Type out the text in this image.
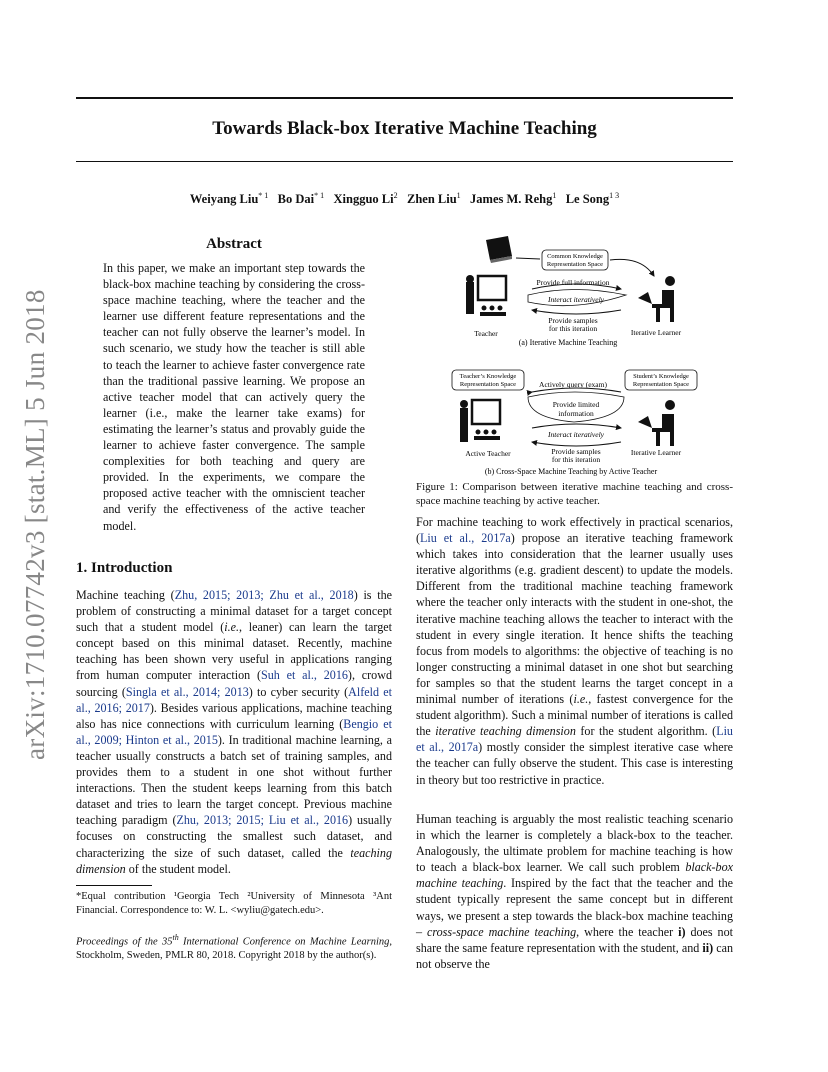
Towards Black-box Iterative Machine Teaching
Weiyang Liu$^{* 1}$ Bo Dai$^{* 1}$ Xingguo Li$^2$ Zhen Liu$^1$ James M. Rehg$^1$ Le Song$^{1 3}$
arXiv:1710.07742v3 [stat.ML] 5 Jun 2018
Abstract
In this paper, we make an important step towards the black-box machine teaching by considering the cross-space machine teaching, where the teacher and the learner use different feature representations and the teacher can not fully observe the learner’s model. In such scenario, we study how the teacher is still able to teach the learner to achieve faster convergence rate than the traditional passive learning. We propose an active teacher model that can actively query the learner (i.e., make the learner take exams) for estimating the learner’s status and provably guide the learner to achieve faster convergence. The sample complexities for both teaching and query are provided. In the experiments, we compare the proposed active teacher with the omniscient teacher and verify the effectiveness of the active teacher model.
1. Introduction
Machine teaching (Zhu, 2015; 2013; Zhu et al., 2018) is the problem of constructing a minimal dataset for a target concept such that a student model (i.e., leaner) can learn the target concept based on this minimal dataset. Recently, machine teaching has been shown very useful in applications ranging from human computer interaction (Suh et al., 2016), crowd sourcing (Singla et al., 2014; 2013) to cyber security (Alfeld et al., 2016; 2017). Besides various applications, machine teaching also has nice connections with curriculum learning (Bengio et al., 2009; Hinton et al., 2015). In traditional machine learning, a teacher usually constructs a batch set of training samples, and provides them to a student in one shot without further interactions. Then the student keeps learning from this batch dataset and tries to learn the target concept. Previous machine teaching paradigm (Zhu, 2013; 2015; Liu et al., 2016) usually focuses on constructing the smallest such dataset, and characterizing the size of such dataset, called the teaching dimension of the student model.
*Equal contribution ¹Georgia Tech ²University of Minnesota ³Ant Financial. Correspondence to: W. L. <wyliu@gatech.edu>.
Proceedings of the 35th International Conference on Machine Learning, Stockholm, Sweden, PMLR 80, 2018. Copyright 2018 by the author(s).
Common Knowledge
Representation Space
Teacher	Iterative Learner
Provide full information
Interact iteratively
Provide samples
for this iteration
(a) Iterative Machine Teaching
Teacher’s Knowledge
Representation Space
Student’s Knowledge
Representation Space
Actively query (exam)
Provide limited
information
Active Teacher	Iterative Learner
Interact iteratively
Provide samples
for this iteration
(b) Cross-Space Machine Teaching by Active Teacher
Figure 1: Comparison between iterative machine teaching and cross-space machine teaching by active teacher.
For machine teaching to work effectively in practical scenarios, (Liu et al., 2017a) propose an iterative teaching framework which takes into consideration that the learner usually uses iterative algorithms (e.g. gradient descent) to update the models. Different from the traditional machine teaching framework where the teacher only interacts with the student in one-shot, the iterative machine teaching allows the teacher to interact with the student in every single iteration. It hence shifts the teaching focus from models to algorithms: the objective of teaching is no longer constructing a minimal dataset in one shot but searching for samples so that the student learns the target concept in a minimal number of iterations (i.e., fastest convergence for the student algorithm). Such a minimal number of iterations is called the iterative teaching dimension for the student algorithm. (Liu et al., 2017a) mostly consider the simplest iterative case where the teacher can fully observe the student. This case is interesting in theory but too restrictive in practice.
Human teaching is arguably the most realistic teaching scenario in which the learner is completely a black-box to the teacher. Analogously, the ultimate problem for machine teaching is how to teach a black-box learner. We call such problem black-box machine teaching. Inspired by the fact that the teacher and the student typically represent the same concept but in different ways, we present a step towards the black-box machine teaching – cross-space machine teaching, where the teacher i) does not share the same feature representation with the student, and ii) can not observe the
